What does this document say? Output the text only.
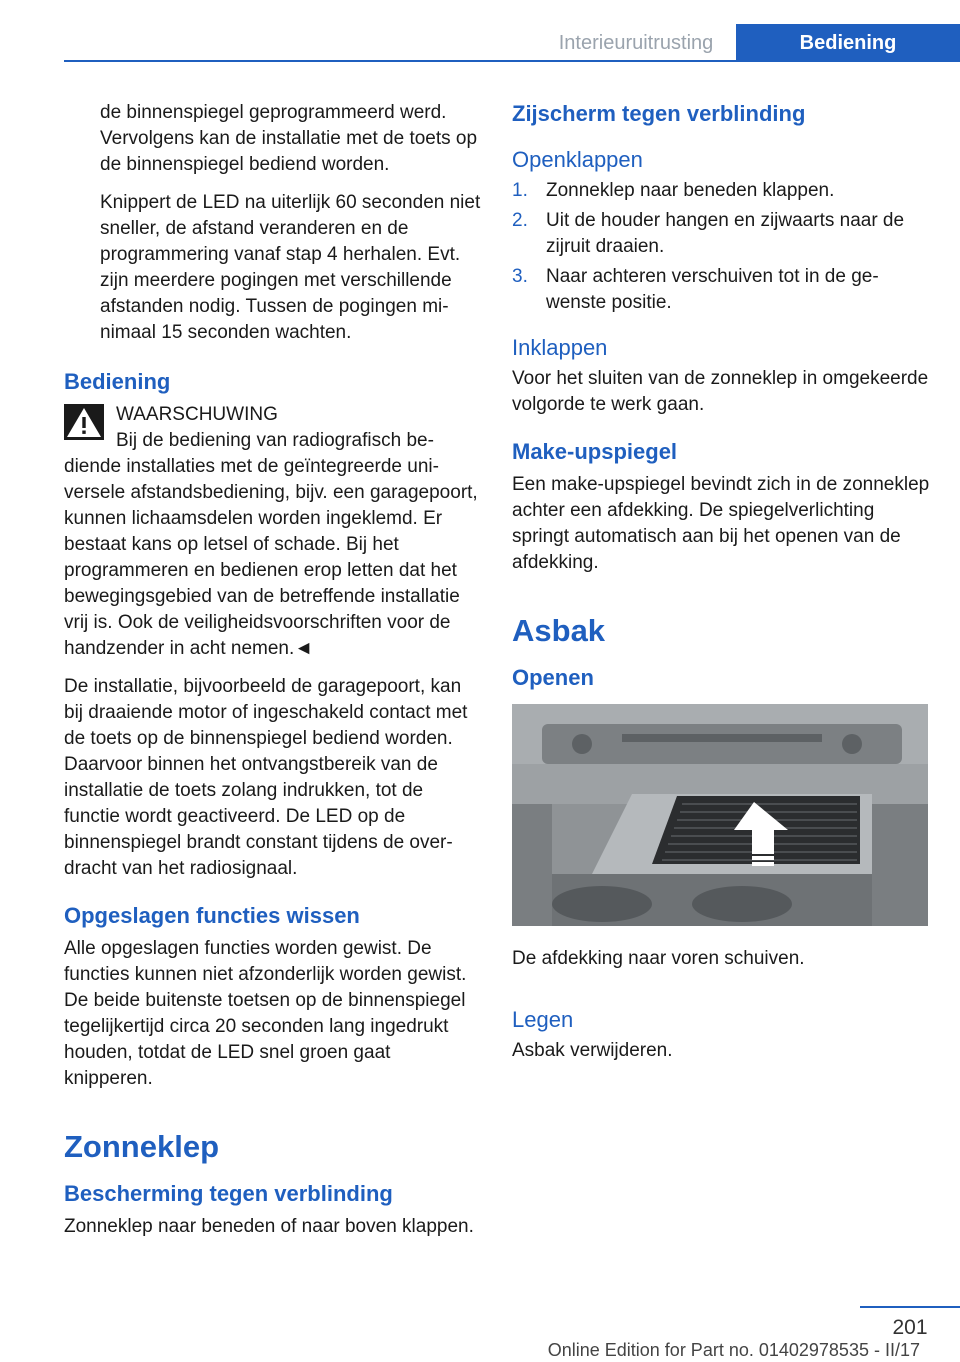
Interieuruitrusting	Bediening

de binnenspiegel geprogrammeerd werd. Vervolgens kan de installatie met de toets op de binnenspiegel bediend worden.

Knippert de LED na uiterlijk 60 seconden niet sneller, de afstand veranderen en de programmering vanaf stap 4 herhalen. Evt. zijn meerdere pogingen met verschillende afstanden nodig. Tussen de pogingen minimaal 15 seconden wachten.

Bediening

WAARSCHUWING

Bij de bediening van radiografisch bediende installaties met de geïntegreerde universele afstandsbediening, bijv. een garagepoort, kunnen lichaamsdelen worden ingeklemd. Er bestaat kans op letsel of schade. Bij het programmeren en bedienen erop letten dat het bewegingsgebied van de betreffende installatie vrij is. Ook de veiligheidsvoorschriften voor de handzender in acht nemen.◄

De installatie, bijvoorbeeld de garagepoort, kan bij draaiende motor of ingeschakeld contact met de toets op de binnenspiegel bediend worden. Daarvoor binnen het ontvangstbereik van de installatie de toets zolang indrukken, tot de functie wordt geactiveerd. De LED op de binnenspiegel brandt constant tijdens de overdracht van het radiosignaal.

Opgeslagen functies wissen

Alle opgeslagen functies worden gewist. De functies kunnen niet afzonderlijk worden gewist. De beide buitenste toetsen op de binnenspiegel tegelijkertijd circa 20 seconden lang ingedrukt houden, totdat de LED snel groen gaat knipperen.

Zonneklep
Bescherming tegen verblinding

Zonneklep naar beneden of naar boven klappen.

Zijscherm tegen verblinding
Openklappen
1. Zonneklep naar beneden klappen.
2. Uit de houder hangen en zijwaarts naar de zijruit draaien.
3. Naar achteren verschuiven tot in de gewenste positie.
Inklappen

Voor het sluiten van de zonneklep in omgekeerde volgorde te werk gaan.

Make-upspiegel

Een make-upspiegel bevindt zich in de zonneklep achter een afdekking. De spiegelverlichting springt automatisch aan bij het openen van de afdekking.

Asbak
Openen

De afdekking naar voren schuiven.

Legen

Asbak verwijderen.

201
Online Edition for Part no. 01402978535 - II/17
